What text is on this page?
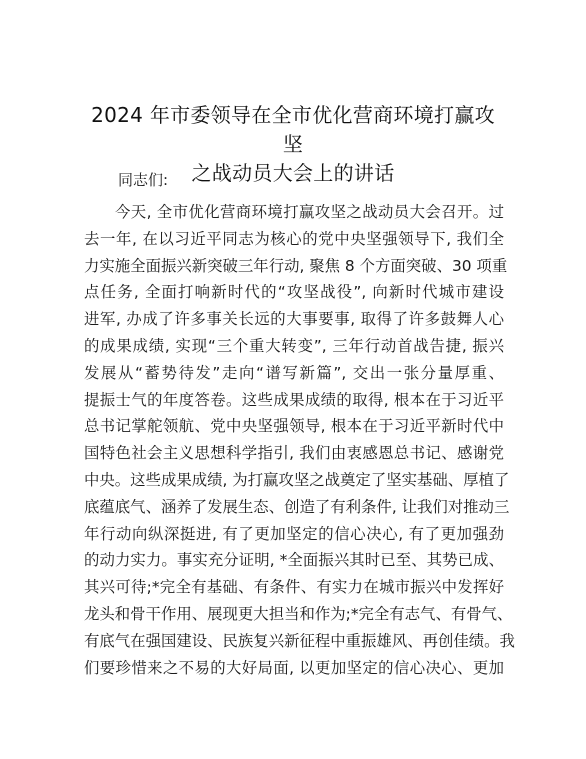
2024 年市委领导在全市优化营商环境打赢攻坚
之战动员大会上的讲话
同志们:
今天, 全市优化营商环境打赢攻坚之战动员大会召开。过
去一年, 在以习近平同志为核心的党中央坚强领导下, 我们全
力实施全面振兴新突破三年行动, 聚焦 8 个方面突破、30 项重
点任务, 全面打响新时代的“攻坚战役”, 向新时代城市建设
进军, 办成了许多事关长远的大事要事, 取得了许多鼓舞人心
的成果成绩, 实现“三个重大转变”, 三年行动首战告捷, 振兴
发展从“蓄势待发”走向“谱写新篇”, 交出一张分量厚重、
提振士气的年度答卷。这些成果成绩的取得, 根本在于习近平
总书记掌舵领航、党中央坚强领导, 根本在于习近平新时代中
国特色社会主义思想科学指引, 我们由衷感恩总书记、感谢党
中央。这些成果成绩, 为打赢攻坚之战奠定了坚实基础、厚植了
底蕴底气、涵养了发展生态、创造了有利条件, 让我们对推动三
年行动向纵深挺进, 有了更加坚定的信心决心, 有了更加强劲
的动力实力。事实充分证明, *全面振兴其时已至、其势已成、
其兴可待;*完全有基础、有条件、有实力在城市振兴中发挥好
龙头和骨干作用、展现更大担当和作为;*完全有志气、有骨气、
有底气在强国建设、民族复兴新征程中重振雄风、再创佳绩。我
们要珍惜来之不易的大好局面, 以更加坚定的信心决心、更加
